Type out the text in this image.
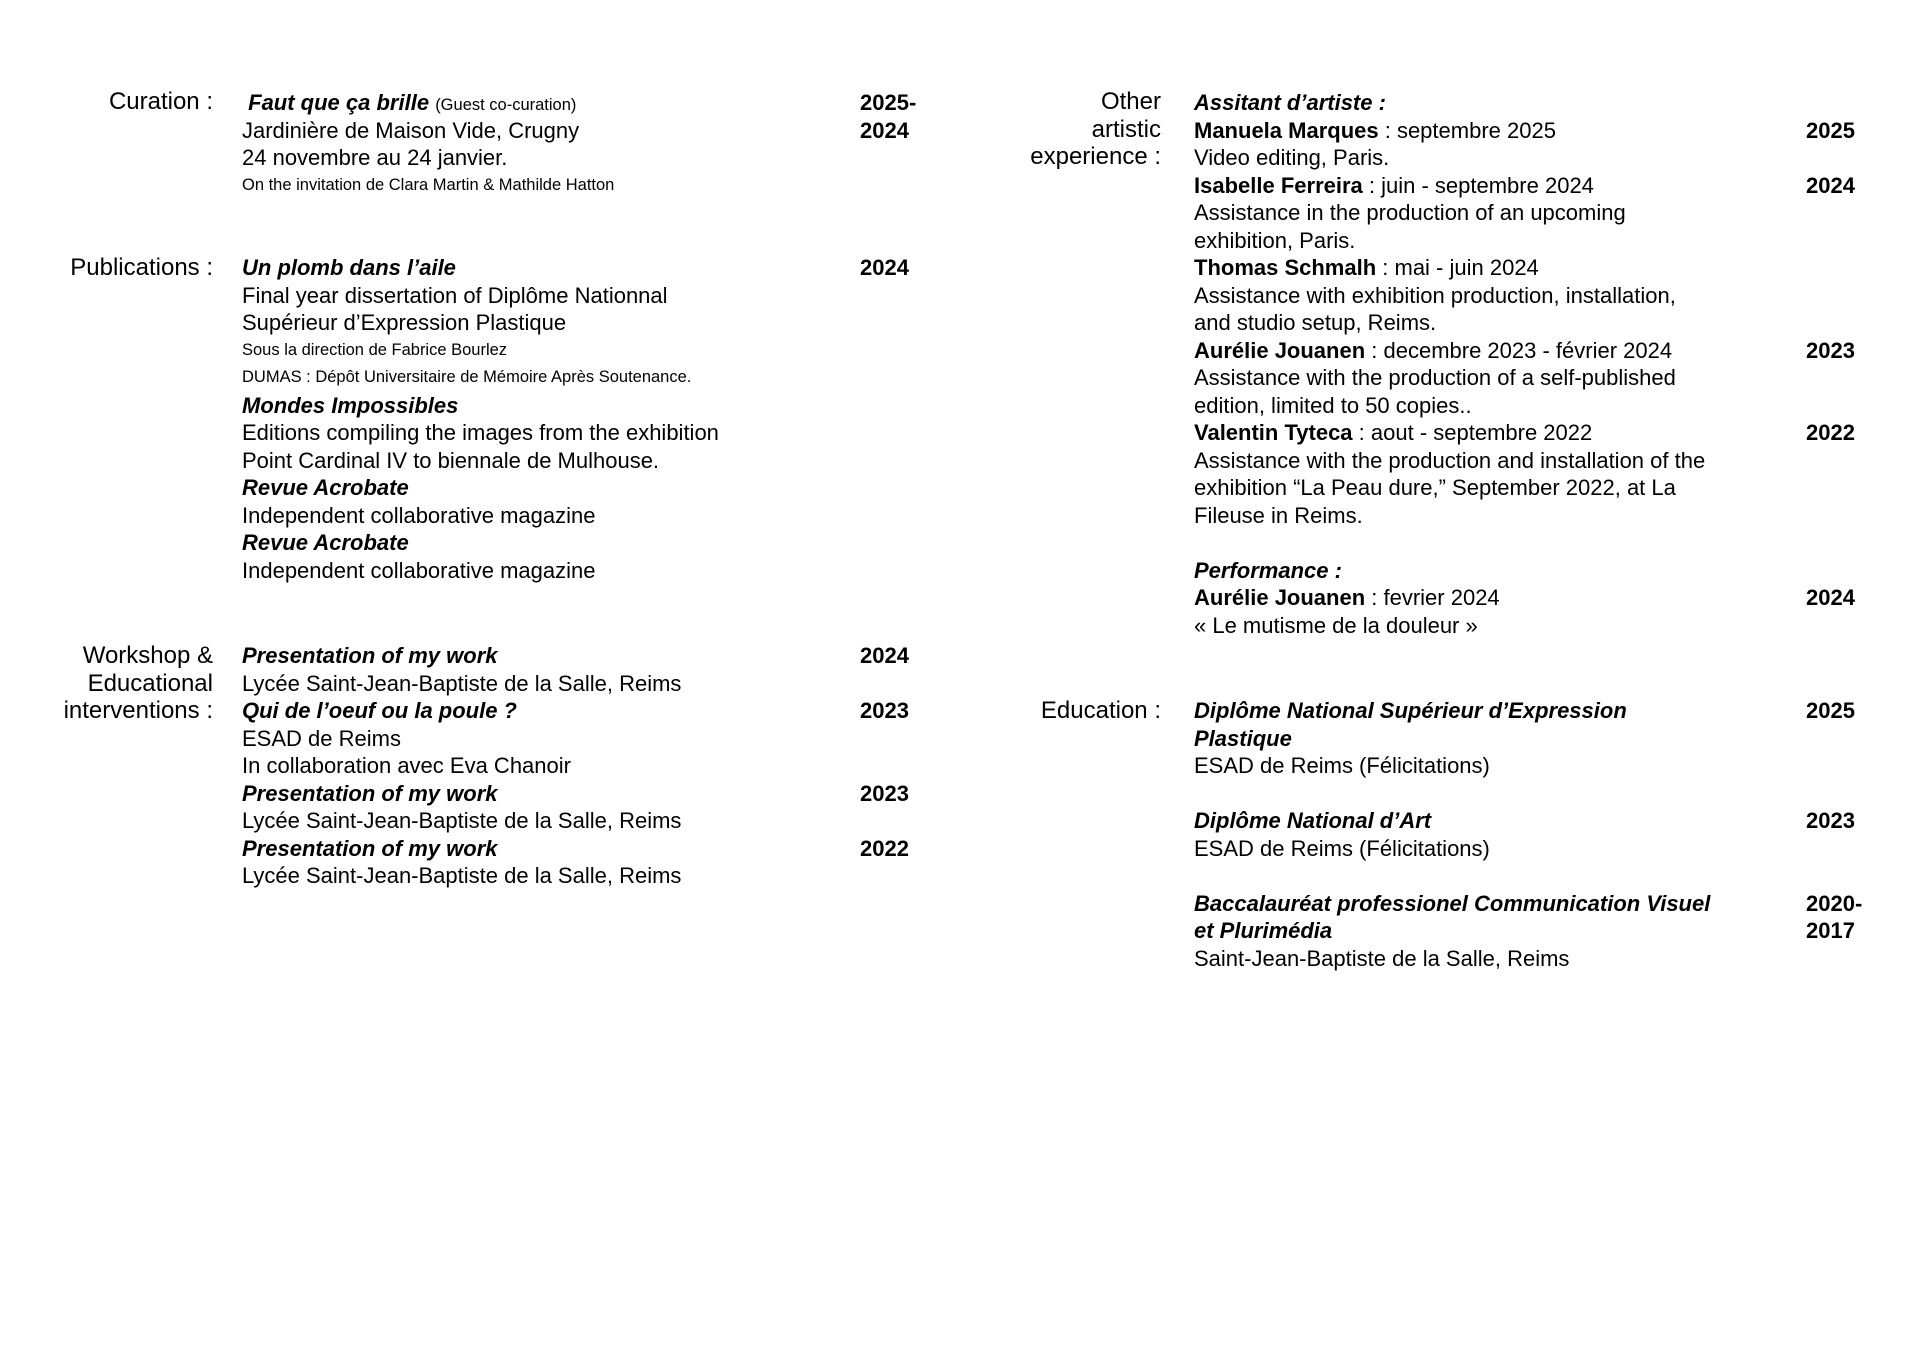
Curation : Faut que ça brille (Guest co-curation)
Jardinière de Maison Vide, Crugny
24 novembre au 24 janvier.
On the invitation de Clara Martin & Mathilde Hatton
2025-
2024
Publications : Un plomb dans l’aile
Final year dissertation of Diplôme Nationnal
Supérieur d’Expression Plastique
Sous la direction de Fabrice Bourlez
DUMAS : Dépôt Universitaire de Mémoire Après Soutenance.
Mondes Impossibles
Editions compiling the images from the exhibition
Point Cardinal IV to biennale de Mulhouse.
Revue Acrobate
Independent collaborative magazine
Revue Acrobate
Independent collaborative magazine
2024
Workshop &
Educational
interventions :
Presentation of my work
Lycée Saint-Jean-Baptiste de la Salle, Reims
Qui de l’oeuf ou la poule ?
ESAD de Reims
In collaboration avec Eva Chanoir
Presentation of my work
Lycée Saint-Jean-Baptiste de la Salle, Reims
Presentation of my work
Lycée Saint-Jean-Baptiste de la Salle, Reims
2024
2023
2023
2022
Other
artistic
experience :
Assitant d’artiste :
Manuela Marques : septembre 2025
Video editing, Paris.
Isabelle Ferreira : juin - septembre 2024
Assistance in the production of an upcoming
exhibition, Paris.
Thomas Schmalh : mai - juin 2024
Assistance with exhibition production, installation,
and studio setup, Reims.
Aurélie Jouanen : decembre 2023 - février 2024
Assistance with the production of a self-published
edition, limited to 50 copies..
Valentin Tyteca : aout - septembre 2022
Assistance with the production and installation of the
exhibition “La Peau dure,” September 2022, at La
Fileuse in Reims.
Performance :
Aurélie Jouanen : fevrier 2024
« Le mutisme de la douleur »
2025
2024
2023
2022
2024
Education : Diplôme National Supérieur d’Expression
Plastique
ESAD de Reims (Félicitations)
Diplôme National d’Art
ESAD de Reims (Félicitations)
Baccalauréat professionel Communication Visuel
et Plurimédia
Saint-Jean-Baptiste de la Salle, Reims
2025
2023
2020-
2017
